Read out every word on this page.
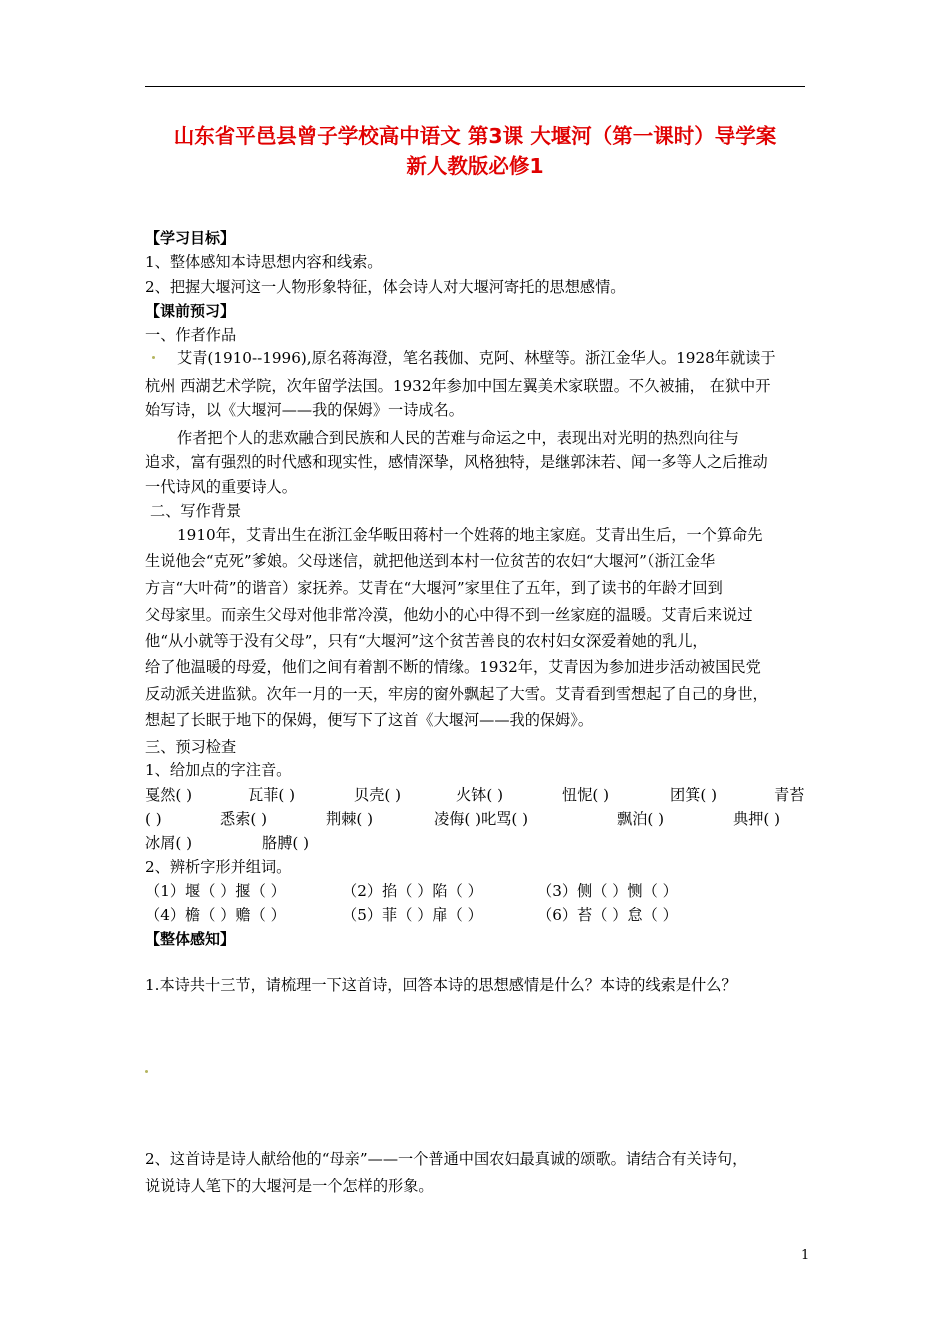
山东省平邑县曾子学校高中语文 第3课 大堰河（第一课时）导学案
新人教版必修1
【学习目标】
1、整体感知本诗思想内容和线索。
2、把握大堰河这一人物形象特征，体会诗人对大堰河寄托的思想感情。
【课前预习】
一、作者作品
艾青(1910--1996),原名蒋海澄，笔名莪伽、克阿、林壁等。浙江金华人。1928年就读于
杭州 西湖艺术学院，次年留学法国。1932年参加中国左翼美术家联盟。不久被捕， 在狱中开
始写诗，以《大堰河——我的保姆》一诗成名。
作者把个人的悲欢融合到民族和人民的苦难与命运之中，表现出对光明的热烈向往与
追求，富有强烈的时代感和现实性，感情深挚，风格独特，是继郭沫若、闻一多等人之后推动
一代诗风的重要诗人。
二、写作背景
1910年，艾青出生在浙江金华畈田蒋村一个姓蒋的地主家庭。艾青出生后，一个算命先
生说他会“克死”爹娘。父母迷信，就把他送到本村一位贫苦的农妇“大堰河”（浙江金华
方言“大叶荷”的谐音）家抚养。艾青在“大堰河”家里住了五年，到了读书的年龄才回到
父母家里。而亲生父母对他非常冷漠，他幼小的心中得不到一丝家庭的温暖。艾青后来说过
他“从小就等于没有父母”，只有“大堰河”这个贫苦善良的农村妇女深爱着她的乳儿，
给了他温暖的母爱，他们之间有着割不断的情缘。1932年，艾青因为参加进步活动被国民党
反动派关进监狱。次年一月的一天，牢房的窗外飘起了大雪。艾青看到雪想起了自己的身世，
想起了长眠于地下的保姆，便写下了这首《大堰河——我的保姆》。
三、预习检查
1、给加点的字注音。
戛然( )	瓦菲( )	贝壳( )	火钵( )	忸怩( )	团箕( )	青苔
( )	悉索( )	荆棘( )	凌侮( )叱骂( )	飘泊( )	典押( )
冰屑( )	胳膊( )
2、辨析字形并组词。
（1）堰（ ）揠（ ）	（2）掐（ ）陷（ ）	（3）侧（ ）恻（ ）
（4）檐（ ）赡（ ）	（5）菲（ ）扉（ ）	（6）苔（ ）怠（ ）
【整体感知】
1.本诗共十三节，请梳理一下这首诗，回答本诗的思想感情是什么？本诗的线索是什么？
2、这首诗是诗人献给他的“母亲”——一个普通中国农妇最真诚的颂歌。请结合有关诗句，
说说诗人笔下的大堰河是一个怎样的形象。
1
